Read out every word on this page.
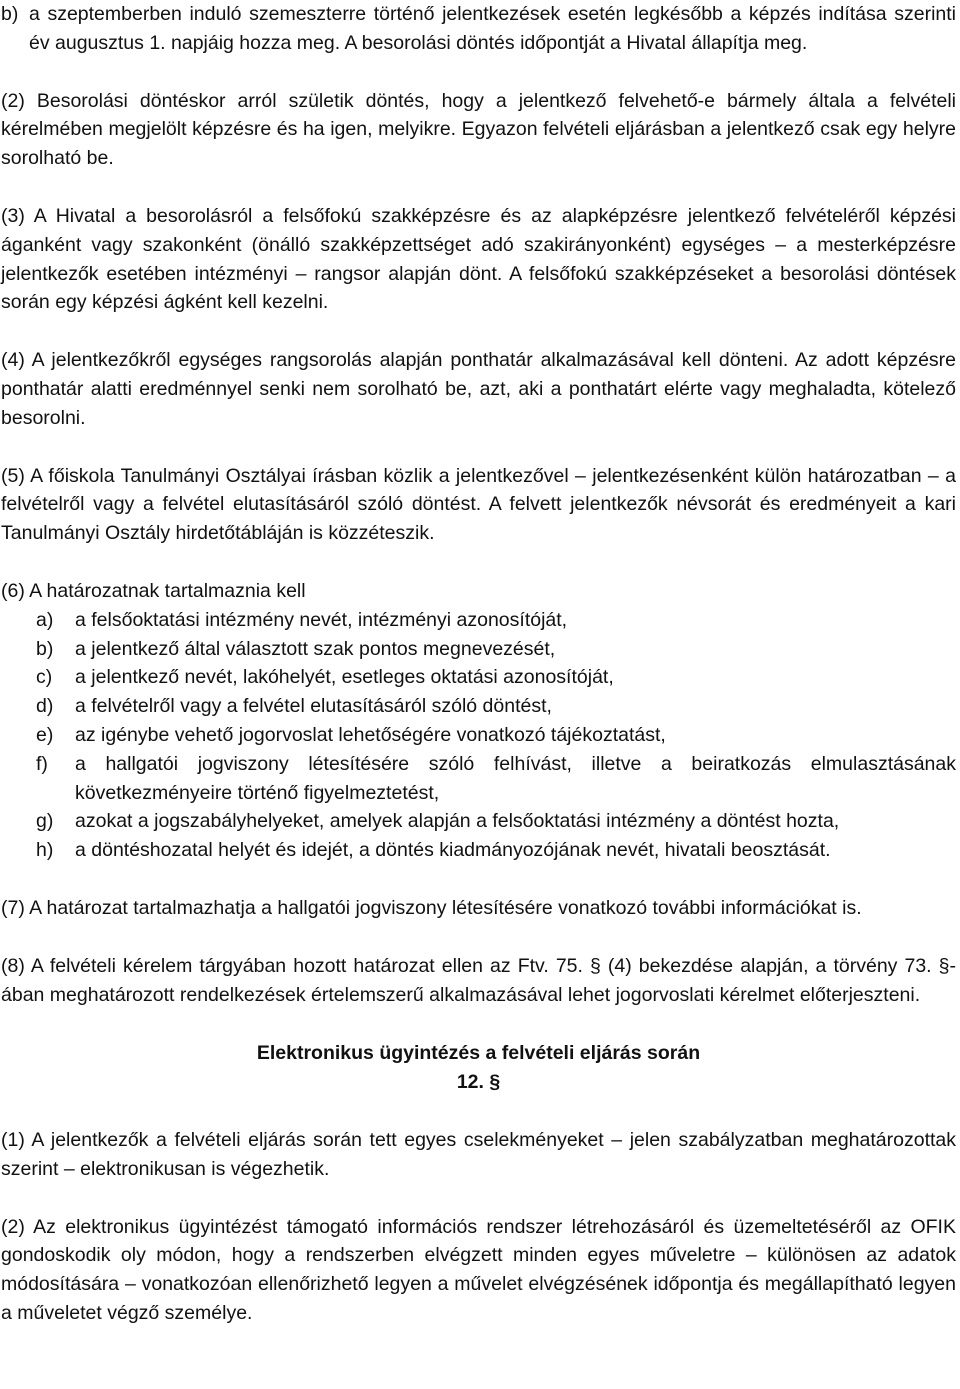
b) a szeptemberben induló szemeszterre történő jelentkezések esetén legkésőbb a képzés indítása szerinti év augusztus 1. napjáig hozza meg. A besorolási döntés időpontját a Hivatal állapítja meg.

(2) Besorolási döntéskor arról születik döntés, hogy a jelentkező felvehető-e bármely általa a felvételi kérelmében megjelölt képzésre és ha igen, melyikre. Egyazon felvételi eljárásban a jelentkező csak egy helyre sorolható be.

(3) A Hivatal a besorolásról a felsőfokú szakképzésre és az alapképzésre jelentkező felvételéről képzési áganként vagy szakonként (önálló szakképzettséget adó szakirányonként) egységes – a mesterképzésre jelentkezők esetében intézményi – rangsor alapján dönt. A felsőfokú szakképzéseket a besorolási döntések során egy képzési ágként kell kezelni.

(4) A jelentkezőkről egységes rangsorolás alapján ponthatár alkalmazásával kell dönteni. Az adott képzésre ponthatár alatti eredménnyel senki nem sorolható be, azt, aki a ponthatárt elérte vagy meghaladta, kötelező besorolni.

(5) A főiskola Tanulmányi Osztályai írásban közlik a jelentkezővel – jelentkezésenként külön határozatban – a felvételről vagy a felvétel elutasításáról szóló döntést. A felvett jelentkezők névsorát és eredményeit a kari Tanulmányi Osztály hirdetőtábláján is közzéteszik.

(6) A határozatnak tartalmaznia kell

a)	a felsőoktatási intézmény nevét, intézményi azonosítóját,
b)	a jelentkező által választott szak pontos megnevezését,
c)	a jelentkező nevét, lakóhelyét, esetleges oktatási azonosítóját,
d)	a felvételről vagy a felvétel elutasításáról szóló döntést,
e)	az igénybe vehető jogorvoslat lehetőségére vonatkozó tájékoztatást,
f)	a hallgatói jogviszony létesítésére szóló felhívást, illetve a beiratkozás elmulasztásának következményeire történő figyelmeztetést,
g)	azokat a jogszabályhelyeket, amelyek alapján a felsőoktatási intézmény a döntést hozta,
h)	a döntéshozatal helyét és idejét, a döntés kiadmányozójának nevét, hivatali beosztását.

(7) A határozat tartalmazhatja a hallgatói jogviszony létesítésére vonatkozó további információkat is.

(8) A felvételi kérelem tárgyában hozott határozat ellen az Ftv. 75. § (4) bekezdése alapján, a törvény 73. §-ában meghatározott rendelkezések értelemszerű alkalmazásával lehet jogorvoslati kérelmet előterjeszteni.

Elektronikus ügyintézés a felvételi eljárás során
12. §

(1) A jelentkezők a felvételi eljárás során tett egyes cselekményeket – jelen szabályzatban meghatározottak szerint – elektronikusan is végezhetik.

(2) Az elektronikus ügyintézést támogató információs rendszer létrehozásáról és üzemeltetéséről az OFIK gondoskodik oly módon, hogy a rendszerben elvégzett minden egyes műveletre – különösen az adatok módosítására – vonatkozóan ellenőrizhető legyen a művelet elvégzésének időpontja és megállapítható legyen a műveletet végző személye.
